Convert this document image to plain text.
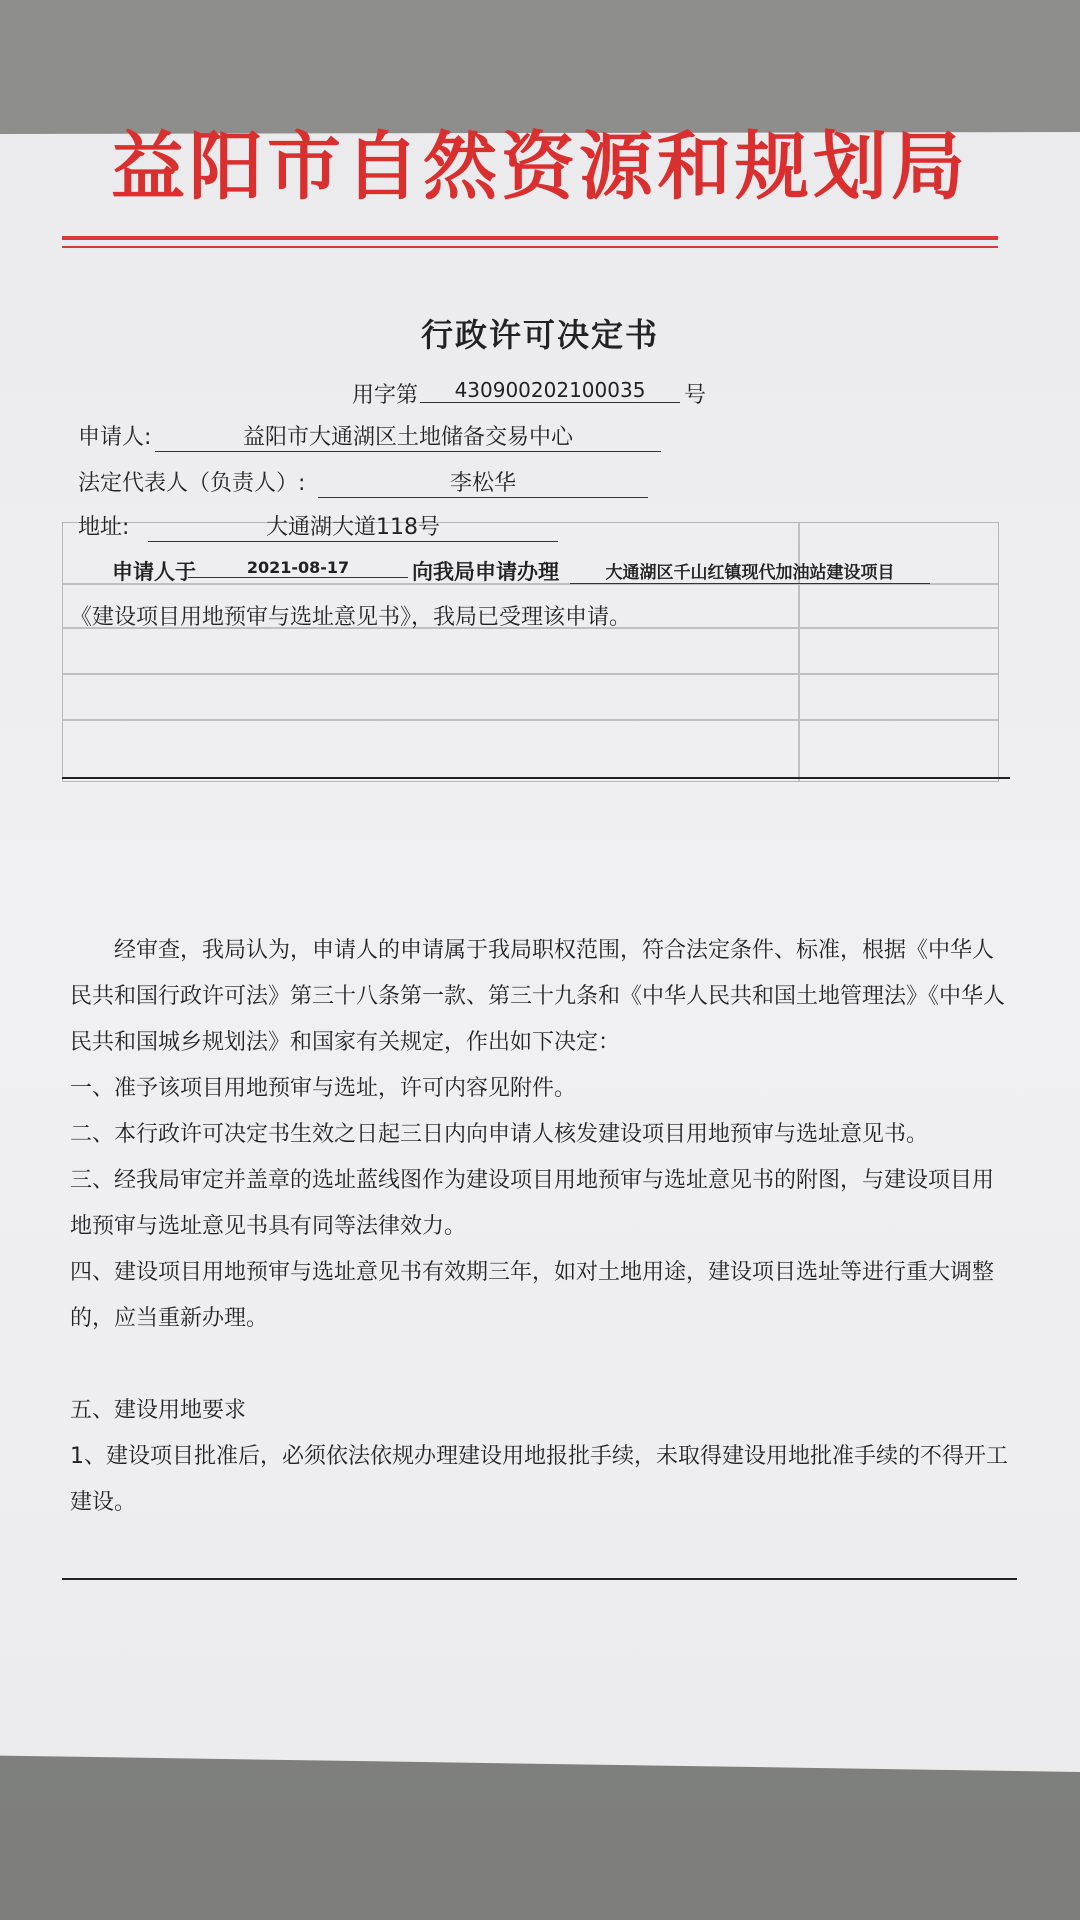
益阳市自然资源和规划局
行政许可决定书
用字第	430900202100035	号
申请人:	益阳市大通湖区土地储备交易中心
法定代表人（负责人）:	李松华
地址:	大通湖大道118号
申请人于	2021-08-17	向我局申请办理	大通湖区千山红镇现代加油站建设项目
《建设项目用地预审与选址意见书》，我局已受理该申请。

经审查，我局认为，申请人的申请属于我局职权范围，符合法定条件、标准，根据《中华人民共和国行政许可法》第三十八条第一款、第三十九条和《中华人民共和国土地管理法》《中华人民共和国城乡规划法》和国家有关规定，作出如下决定：

一、准予该项目用地预审与选址，许可内容见附件。

二、本行政许可决定书生效之日起三日内向申请人核发建设项目用地预审与选址意见书。

三、经我局审定并盖章的选址蓝线图作为建设项目用地预审与选址意见书的附图，与建设项目用地预审与选址意见书具有同等法律效力。

四、建设项目用地预审与选址意见书有效期三年，如对土地用途，建设项目选址等进行重大调整的，应当重新办理。

五、建设用地要求

1、建设项目批准后，必须依法依规办理建设用地报批手续，未取得建设用地批准手续的不得开工建设。
